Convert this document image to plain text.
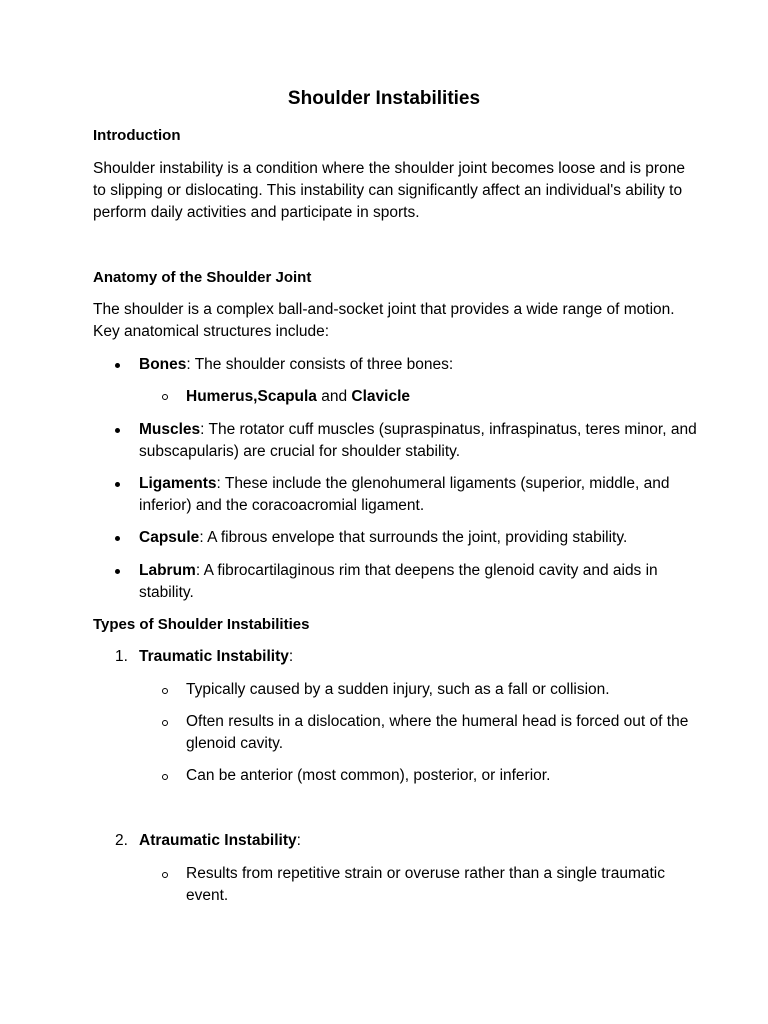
Shoulder Instabilities
Introduction
Shoulder instability is a condition where the shoulder joint becomes loose and is prone to slipping or dislocating. This instability can significantly affect an individual's ability to perform daily activities and participate in sports.
Anatomy of the Shoulder Joint
The shoulder is a complex ball-and-socket joint that provides a wide range of motion. Key anatomical structures include:
Bones: The shoulder consists of three bones:
Humerus,Scapula and Clavicle
Muscles: The rotator cuff muscles (supraspinatus, infraspinatus, teres minor, and subscapularis) are crucial for shoulder stability.
Ligaments: These include the glenohumeral ligaments (superior, middle, and inferior) and the coracoacromial ligament.
Capsule: A fibrous envelope that surrounds the joint, providing stability.
Labrum: A fibrocartilaginous rim that deepens the glenoid cavity and aids in stability.
Types of Shoulder Instabilities
1. Traumatic Instability:
Typically caused by a sudden injury, such as a fall or collision.
Often results in a dislocation, where the humeral head is forced out of the glenoid cavity.
Can be anterior (most common), posterior, or inferior.
2. Atraumatic Instability:
Results from repetitive strain or overuse rather than a single traumatic event.
